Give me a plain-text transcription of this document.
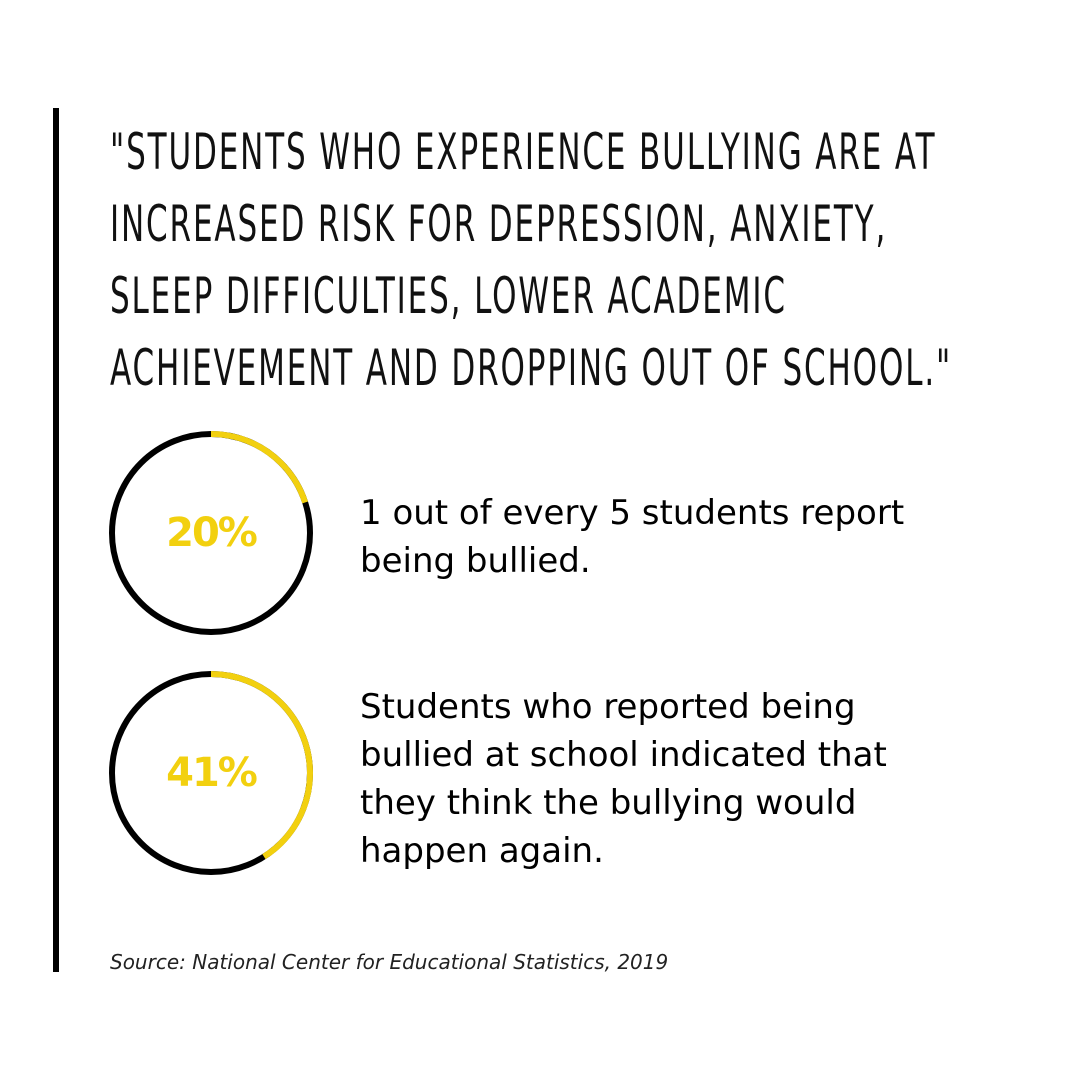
"STUDENTS WHO EXPERIENCE BULLYING ARE AT
INCREASED RISK FOR DEPRESSION, ANXIETY,
SLEEP DIFFICULTIES, LOWER ACADEMIC
ACHIEVEMENT AND DROPPING OUT OF SCHOOL."
20%	1 out of every 5 students report being bullied.

41%

Students who reported being bullied at school indicated that they think the bullying would happen again.

Source: National Center for Educational Statistics, 2019
